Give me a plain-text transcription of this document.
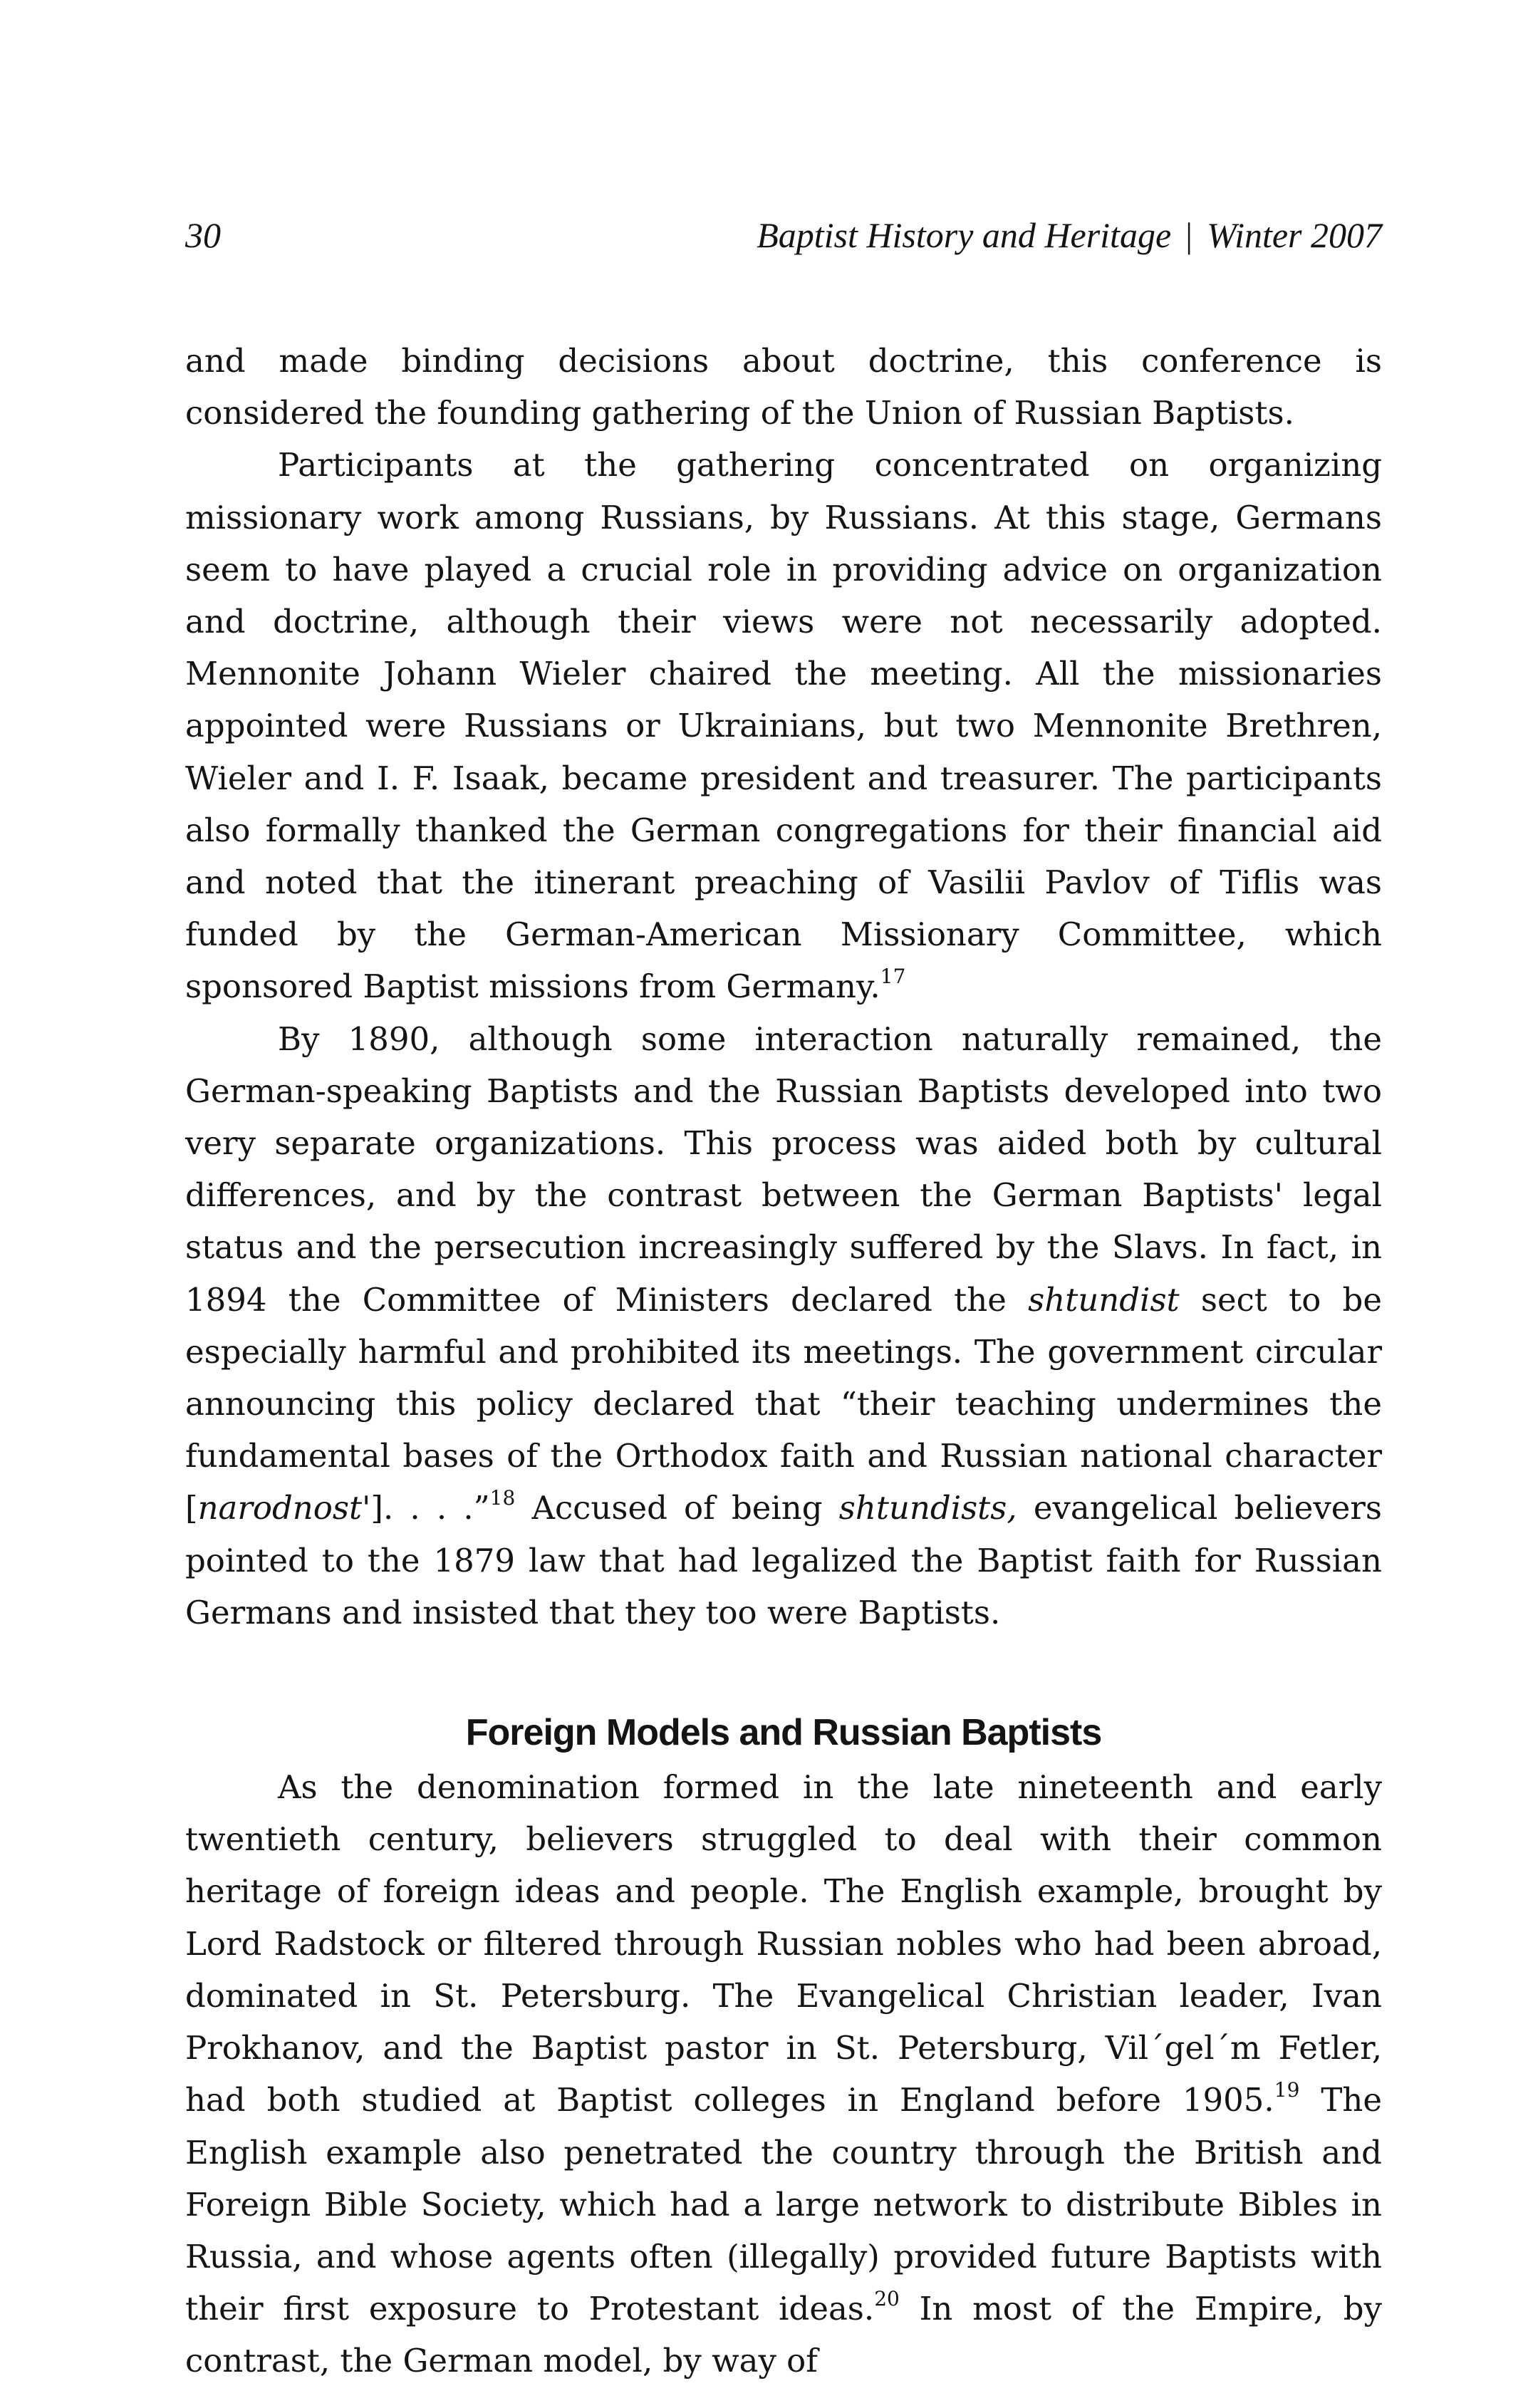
30	Baptist History and Heritage | Winter 2007

and made binding decisions about doctrine, this conference is considered the founding gathering of the Union of Russian Baptists.

Participants at the gathering concentrated on organizing missionary work among Russians, by Russians. At this stage, Germans seem to have played a crucial role in providing advice on organization and doctrine, although their views were not necessarily adopted. Mennonite Johann Wieler chaired the meeting. All the missionaries appointed were Russians or Ukrainians, but two Mennonite Brethren, Wieler and I. F. Isaak, became president and treasurer. The participants also formally thanked the German congregations for their financial aid and noted that the itinerant preaching of Vasilii Pavlov of Tiflis was funded by the German-American Missionary Committee, which sponsored Baptist missions from Germany.$^{17}$

By 1890, although some interaction naturally remained, the German-speaking Baptists and the Russian Baptists developed into two very separate organizations. This process was aided both by cultural differences, and by the contrast between the German Baptists' legal status and the persecution increasingly suffered by the Slavs. In fact, in 1894 the Committee of Ministers declared the shtundist sect to be especially harmful and prohibited its meetings. The government circular announcing this policy declared that “their teaching undermines the fundamental bases of the Orthodox faith and Russian national character [narodnost']. . . .”$^{18}$ Accused of being shtundists, evangelical believers pointed to the 1879 law that had legalized the Baptist faith for Russian Germans and insisted that they too were Baptists.

Foreign Models and Russian Baptists

As the denomination formed in the late nineteenth and early twentieth century, believers struggled to deal with their common heritage of foreign ideas and people. The English example, brought by Lord Radstock or filtered through Russian nobles who had been abroad, dominated in St. Petersburg. The Evangelical Christian leader, Ivan Prokhanov, and the Baptist pastor in St. Petersburg, Vil´gel´m Fetler, had both studied at Baptist colleges in England before 1905.19 The English example also penetrated the country through the British and Foreign Bible Society, which had a large network to distribute Bibles in Russia, and whose agents often (illegally) provided future Baptists with their first exposure to Protestant ideas.$^{20}$ In most of the Empire, by contrast, the German model, by way of
